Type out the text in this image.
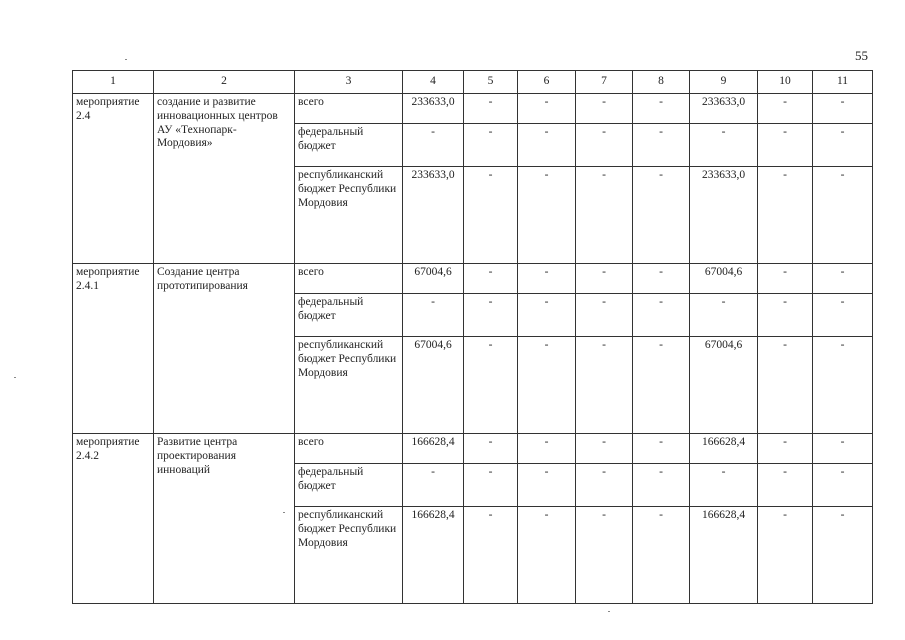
55
1	2	3	4	5	6	7	8	9	10	11
мероприятие 2.4	создание и развитие инновационных центров АУ «Технопарк-Мордовия»	всего	233633,0	-	-	-	-	233633,0	-	-
		федеральный бюджет	-	-	-	-	-	-	-	-
		республиканский бюджет Республики Мордовия	233633,0	-	-	-	-	233633,0	-	-
мероприятие 2.4.1	Создание центра прототипирования	всего	67004,6	-	-	-	-	67004,6	-	-
		федеральный бюджет	-	-	-	-	-	-	-	-
		республиканский бюджет Республики Мордовия	67004,6	-	-	-	-	67004,6	-	-
мероприятие 2.4.2	Развитие центра проектирования инноваций	всего	166628,4	-	-	-	-	166628,4	-	-
		федеральный бюджет	-	-	-	-	-	-	-	-
		республиканский бюджет Республики Мордовия	166628,4	-	-	-	-	166628,4	-	-
